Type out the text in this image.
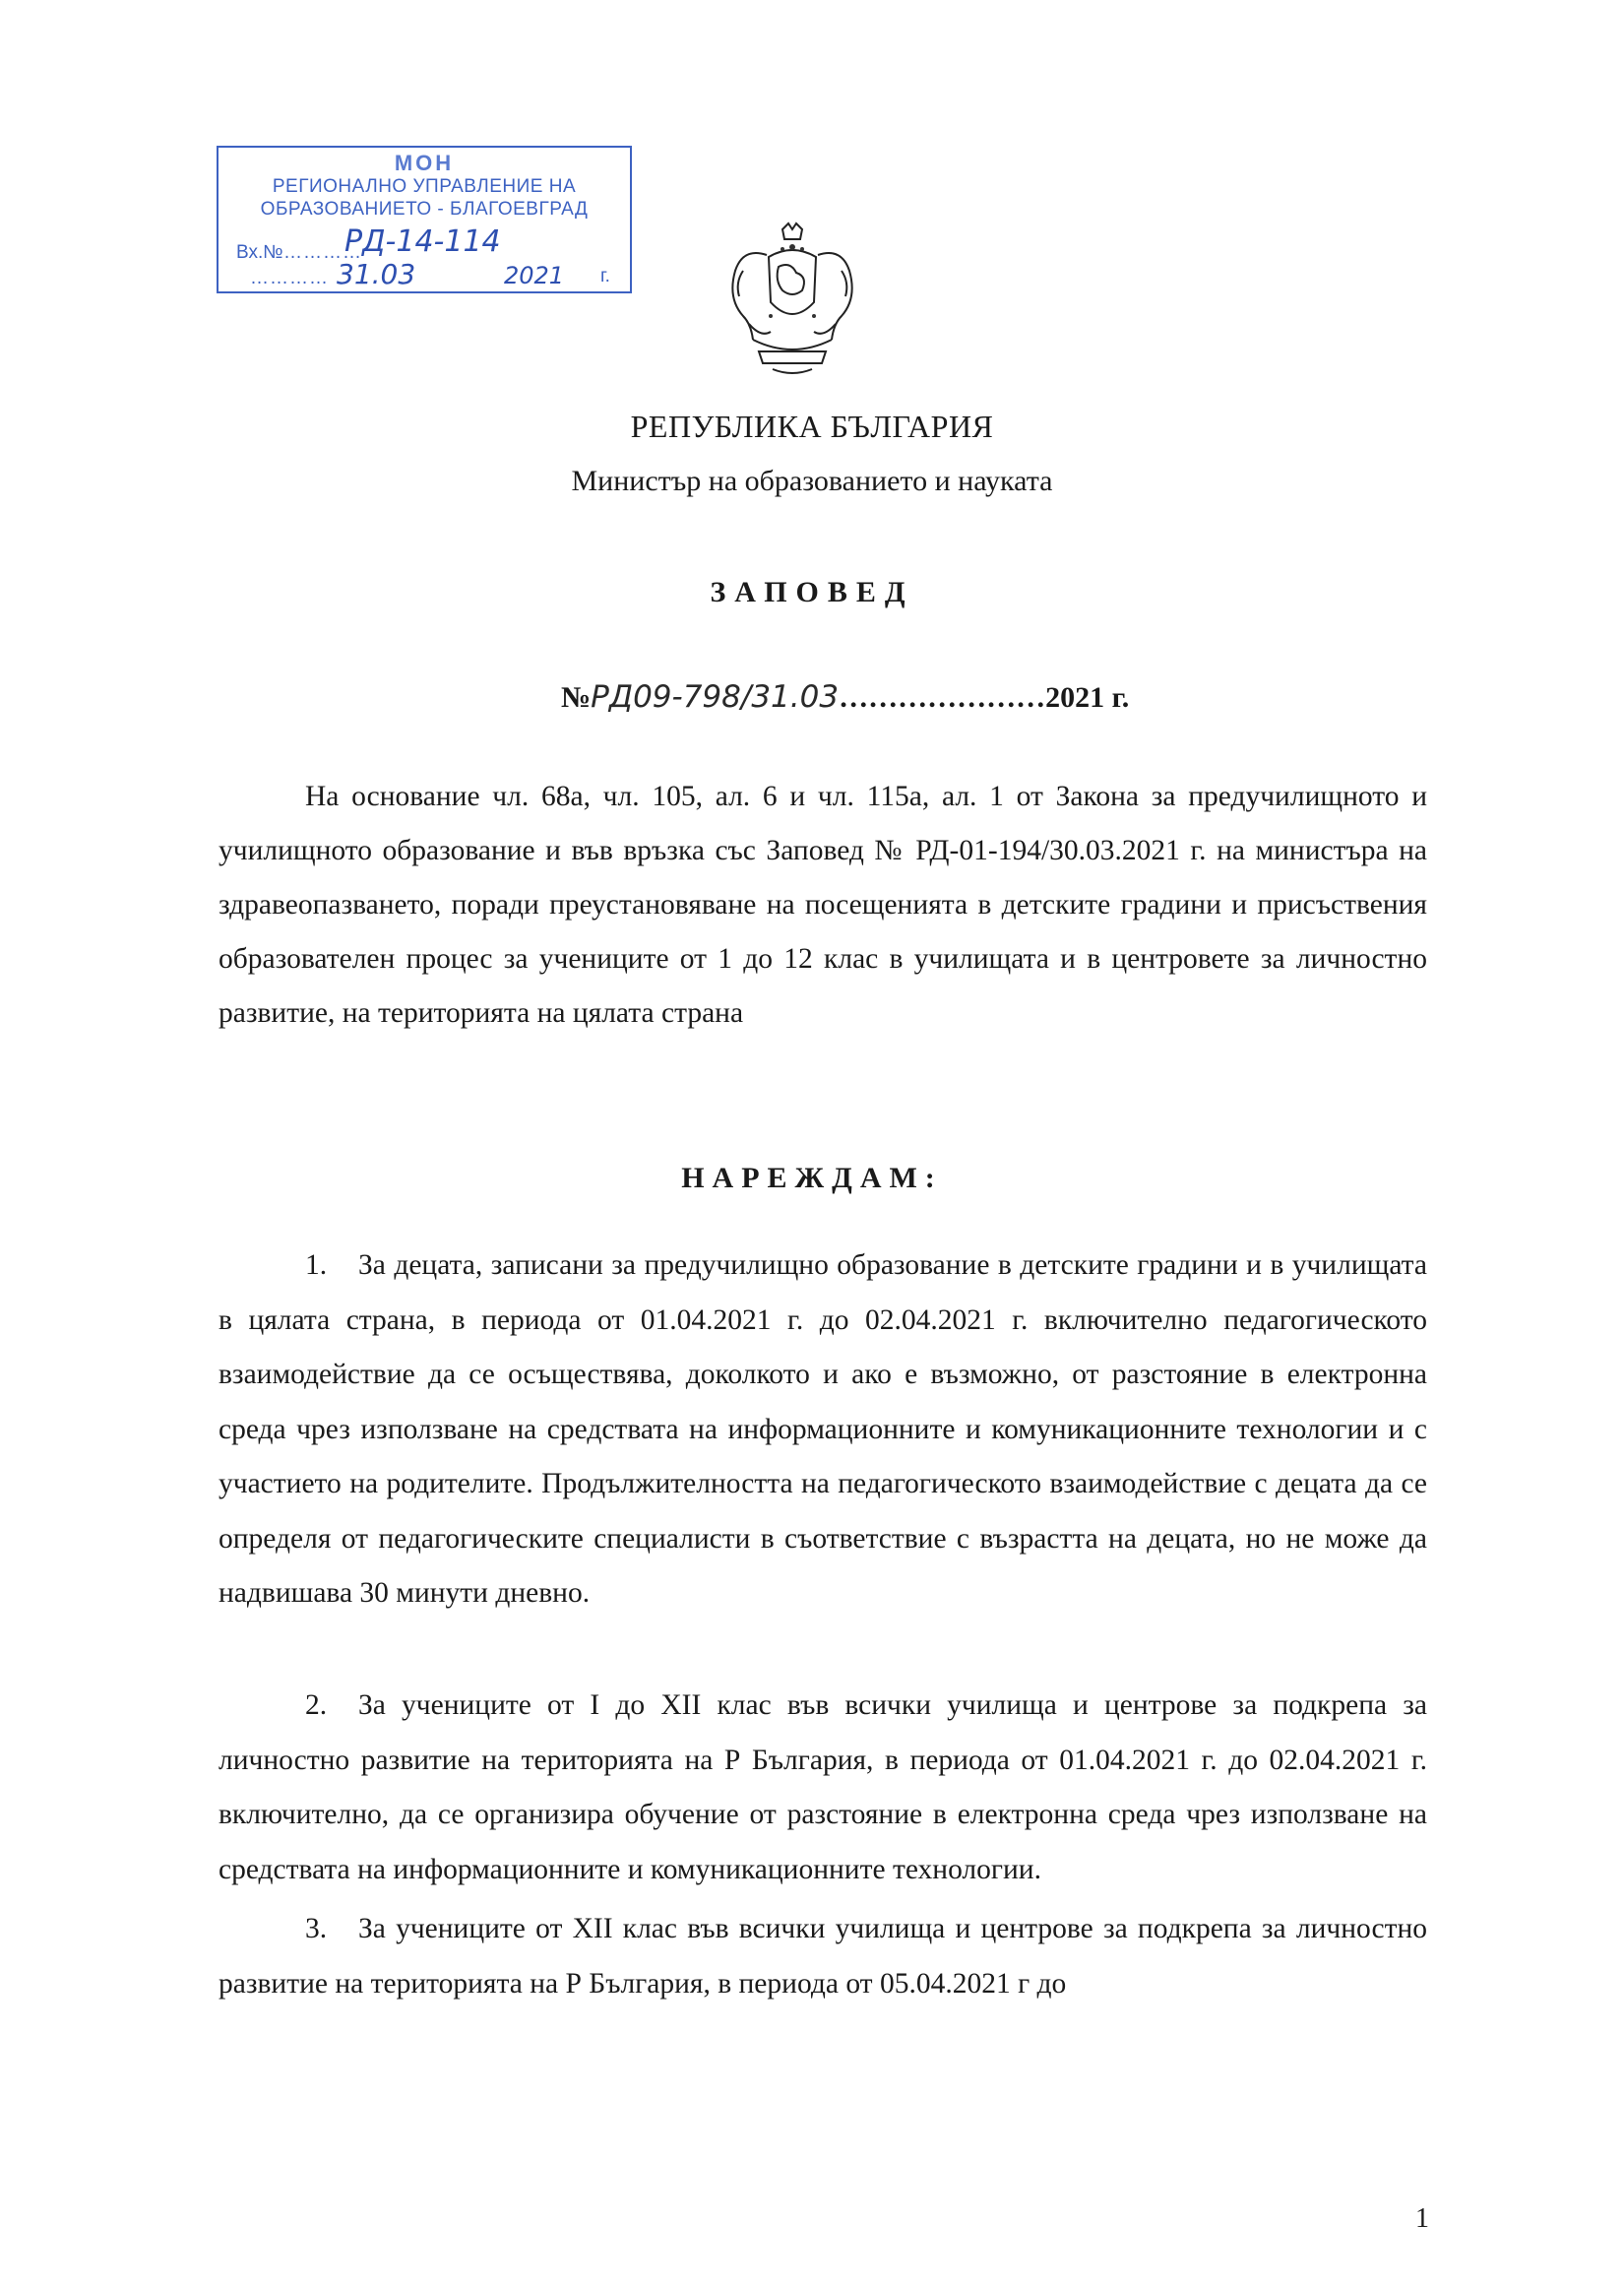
МОН
РЕГИОНАЛНО УПРАВЛЕНИЕ НА
ОБРАЗОВАНИЕТО - БЛАГОЕВГРАД
Вх.№ …………
РД-14-114
………… 31.03	2021 г.
РЕПУБЛИКА БЪЛГАРИЯ
Министър на образованието и науката
ЗАПОВЕД
№РД09-798/31.03…………………2021 г.

На основание чл. 68а, чл. 105, ал. 6 и чл. 115а, ал. 1 от Закона за предучилищното и училищното образование и във връзка със Заповед № РД-01-194/30.03.2021 г. на министъра на здравеопазването, поради преустановяване на посещенията в детските градини и присъствения образователен процес за учениците от 1 до 12 клас в училищата и в центровете за личностно развитие, на територията на цялата страна

НАРЕЖДАМ:

1. За децата, записани за предучилищно образование в детските градини и в училищата в цялата страна, в периода от 01.04.2021 г. до 02.04.2021 г. включително педагогическото взаимодействие да се осъществява, доколкото и ако е възможно, от разстояние в електронна среда чрез използване на средствата на информационните и комуникационните технологии и с участието на родителите. Продължителността на педагогическото взаимодействие с децата да се определя от педагогическите специалисти в съответствие с възрастта на децата, но не може да надвишава 30 минути дневно.

2. За учениците от I до XII клас във всички училища и центрове за подкрепа за личностно развитие на територията на Р България, в периода от 01.04.2021 г. до 02.04.2021 г. включително, да се организира обучение от разстояние в електронна среда чрез използване на средствата на информационните и комуникационните технологии.

3. За учениците от XII клас във всички училища и центрове за подкрепа за личностно развитие на територията на Р България, в периода от 05.04.2021 г до

1
